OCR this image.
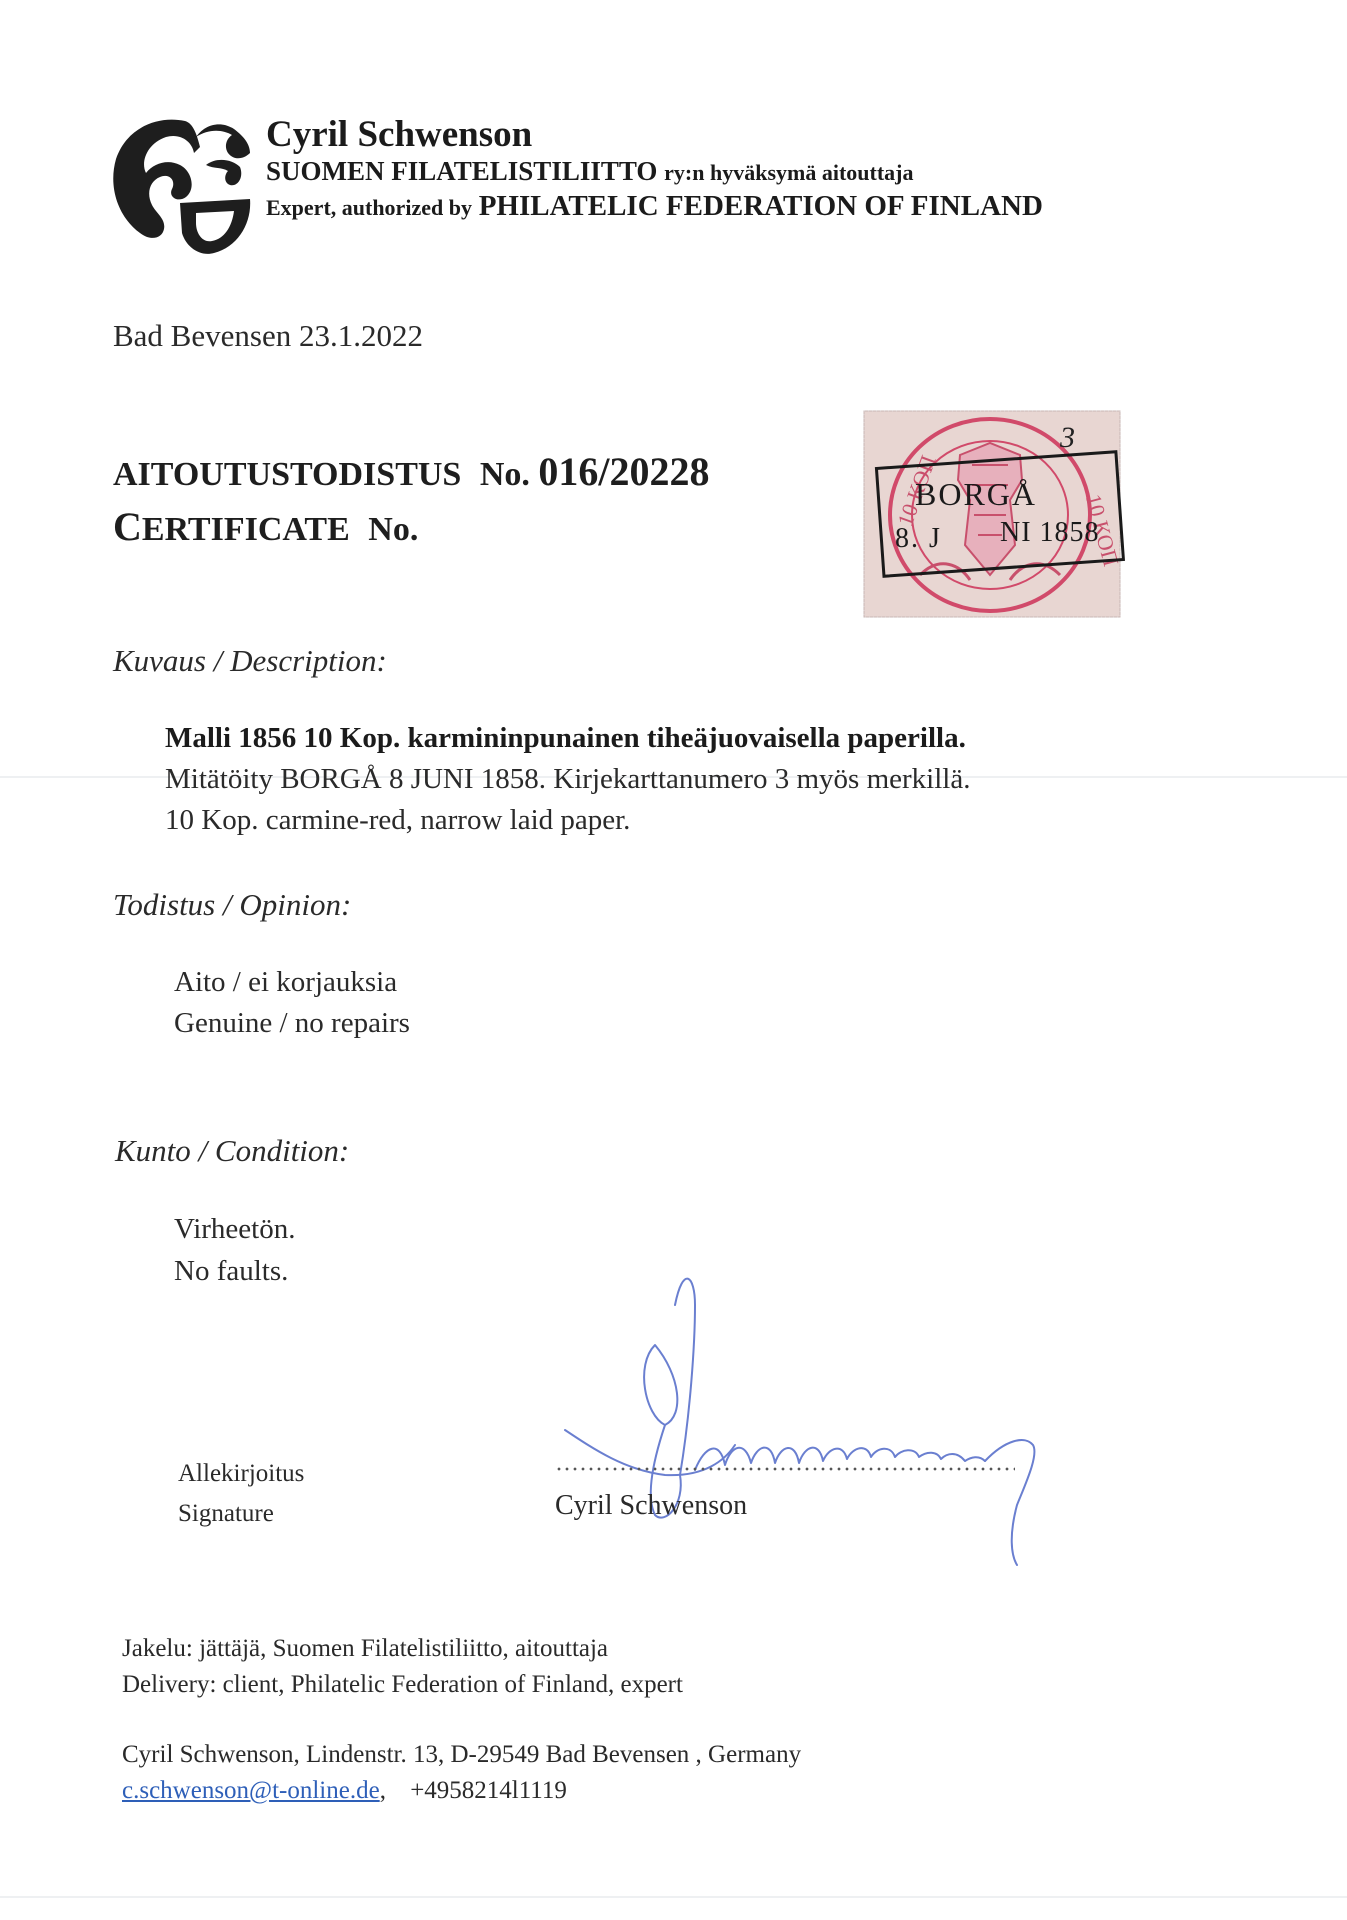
Cyril Schwenson
SUOMEN FILATELISTILIITTO ry:n hyväksymä aitouttaja
Expert, authorized by PHILATELIC FEDERATION OF FINLAND
Bad Bevensen 23.1.2022
AITOUTUSTODISTUS No. 016/20228
CERTIFICATE No.	10 КОП
10 КОП
BORGÅ
8. J NI 1858
3
Kuvaus / Description:
Malli 1856 10 Kop. karmininpunainen tiheäjuovaisella paperilla.
Mitätöity BORGÅ 8 JUNI 1858. Kirjekarttanumero 3 myös merkillä.
10 Kop. carmine-red, narrow laid paper.
Todistus / Opinion:
Aito / ei korjauksia
Genuine / no repairs
Kunto / Condition:
Virheetön.
No faults.
Allekirjoitus
Signature	Cyril Schwenson
Jakelu: jättäjä, Suomen Filatelistiliitto, aitouttaja
Delivery: client, Philatelic Federation of Finland, expert
Cyril Schwenson, Lindenstr. 13, D-29549 Bad Bevensen , Germany
c.schwenson@t-online.de, +4958214l1119
